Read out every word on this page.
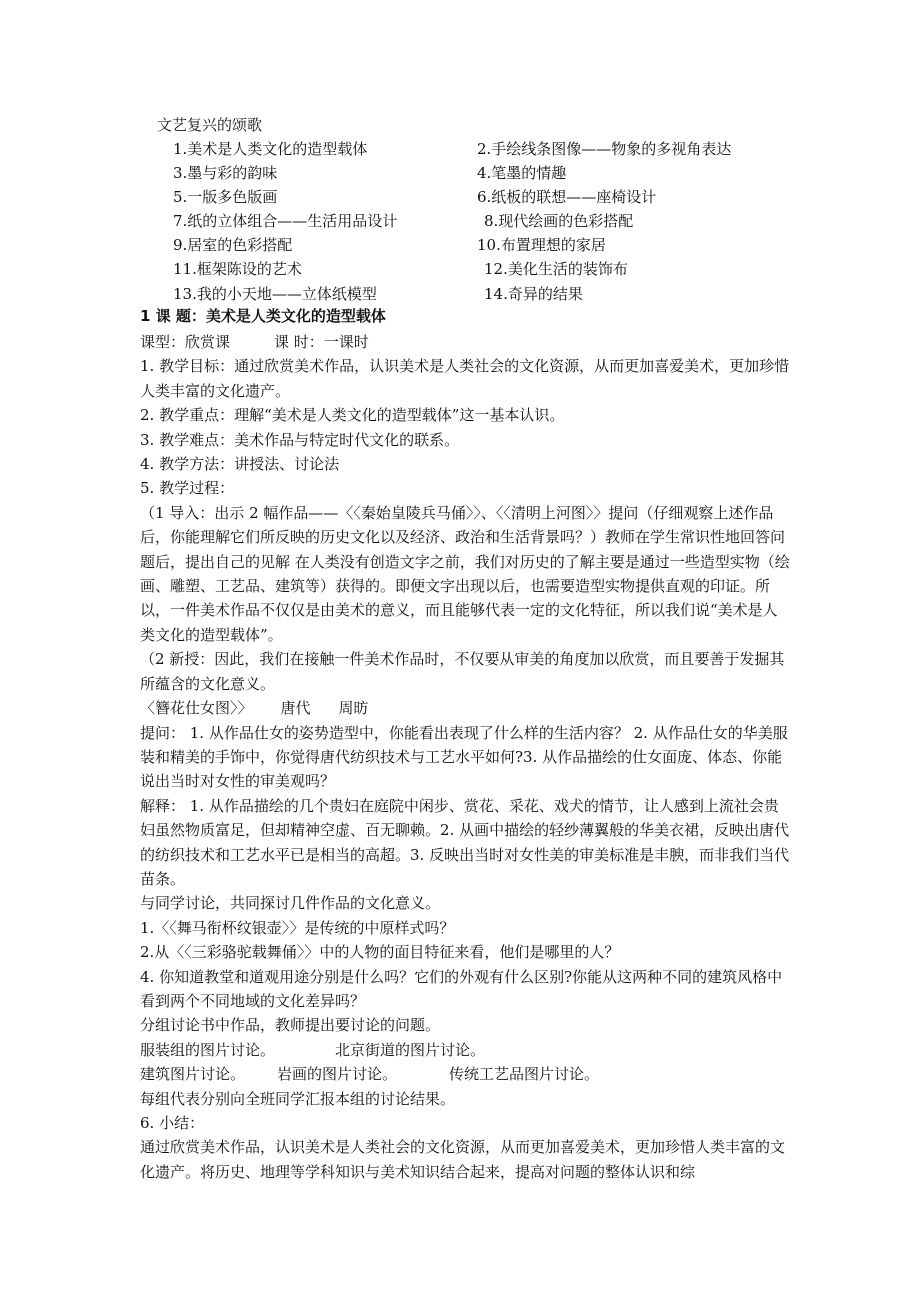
文艺复兴的颂歌
1.美术是人类文化的造型载体	2.手绘线条图像——物象的多视角表达
3.墨与彩的韵味	4.笔墨的情趣
5.一版多色版画	6.纸板的联想——座椅设计
7.纸的立体组合——生活用品设计	8.现代绘画的色彩搭配
9.居室的色彩搭配	10.布置理想的家居
11.框架陈设的艺术	12.美化生活的装饰布
13.我的小天地——立体纸模型	14.奇异的结果
1 课 题：美术是人类文化的造型载体

课型：欣赏课	课 时：一课时

1. 教学目标：通过欣赏美术作品，认识美术是人类社会的文化资源，从而更加喜爱美术，更加珍惜人类丰富的文化遗产。

2. 教学重点：理解“美术是人类文化的造型载体”这一基本认识。

3. 教学难点：美术作品与特定时代文化的联系。

4. 教学方法：讲授法、讨论法

5. 教学过程：

（1 导入：出示 2 幅作品——〈〈秦始皇陵兵马俑〉〉、〈〈清明上河图〉〉提问（仔细观察上述作品后，你能理解它们所反映的历史文化以及经济、政治和生活背景吗？）教师在学生常识性地回答问题后，提出自己的见解 在人类没有创造文字之前，我们对历史的了解主要是通过一些造型实物（绘画、雕塑、工艺品、建筑等）获得的。即便文字出现以后，也需要造型实物提供直观的印证。所以，一件美术作品不仅仅是由美术的意义，而且能够代表一定的文化特征，所以我们说“美术是人类文化的造型载体”。

（2 新授：因此，我们在接触一件美术作品时，不仅要从审美的角度加以欣赏，而且要善于发掘其所蕴含的文化意义。

〈簪花仕女图〉〉 唐代 周昉

提问： 1. 从作品仕女的姿势造型中，你能看出表现了什么样的生活内容？ 2. 从作品仕女的华美服装和精美的手饰中，你觉得唐代纺织技术与工艺水平如何?3. 从作品描绘的仕女面庞、体态、你能说出当时对女性的审美观吗？

解释： 1. 从作品描绘的几个贵妇在庭院中闲步、赏花、采花、戏犬的情节，让人感到上流社会贵妇虽然物质富足，但却精神空虚、百无聊赖。2. 从画中描绘的轻纱薄翼般的华美衣裙，反映出唐代的纺织技术和工艺水平已是相当的高超。3. 反映出当时对女性美的审美标准是丰腴，而非我们当代苗条。

与同学讨论，共同探讨几件作品的文化意义。

1.〈〈舞马衔杯纹银壶〉〉是传统的中原样式吗？

2.从〈〈三彩骆驼载舞俑〉〉中的人物的面目特征来看，他们是哪里的人？

4. 你知道教堂和道观用途分别是什么吗？它们的外观有什么区别?你能从这两种不同的建筑风格中看到两个不同地域的文化差异吗？

分组讨论书中作品，教师提出要讨论的问题。

服装组的图片讨论。	北京街道的图片讨论。

建筑图片讨论。 岩画的图片讨论。	传统工艺品图片讨论。

每组代表分别向全班同学汇报本组的讨论结果。

6. 小结：

通过欣赏美术作品，认识美术是人类社会的文化资源，从而更加喜爱美术，更加珍惜人类丰富的文化遗产。将历史、地理等学科知识与美术知识结合起来，提高对问题的整体认识和综
